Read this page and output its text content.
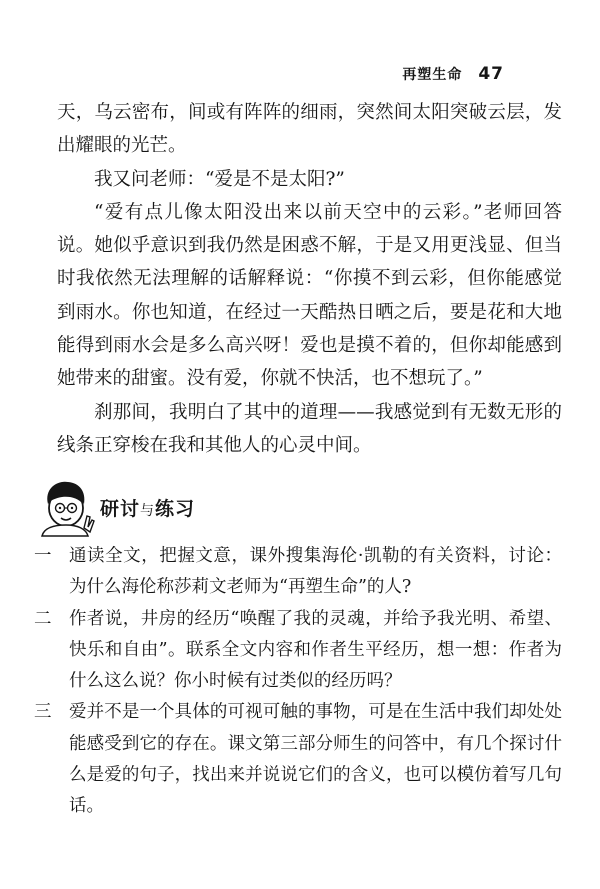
再塑生命 47

天，乌云密布，间或有阵阵的细雨，突然间太阳突破云层，发出耀眼的光芒。

我又问老师：“爱是不是太阳?”

“爱有点儿像太阳没出来以前天空中的云彩。”老师回答说。她似乎意识到我仍然是困惑不解，于是又用更浅显、但当时我依然无法理解的话解释说：“你摸不到云彩，但你能感觉到雨水。你也知道，在经过一天酷热日晒之后，要是花和大地能得到雨水会是多么高兴呀！爱也是摸不着的，但你却能感到她带来的甜蜜。没有爱，你就不快活，也不想玩了。”

刹那间，我明白了其中的道理——我感觉到有无数无形的线条正穿梭在我和其他人的心灵中间。

研讨与练习
一	通读全文，把握文意，课外搜集海伦·凯勒的有关资料，讨论：为什么海伦称莎莉文老师为“再塑生命”的人?
二	作者说，井房的经历“唤醒了我的灵魂，并给予我光明、希望、快乐和自由”。联系全文内容和作者生平经历，想一想：作者为什么这么说？你小时候有过类似的经历吗？
三	爱并不是一个具体的可视可触的事物，可是在生活中我们却处处能感受到它的存在。课文第三部分师生的问答中，有几个探讨什么是爱的句子，找出来并说说它们的含义，也可以模仿着写几句话。
